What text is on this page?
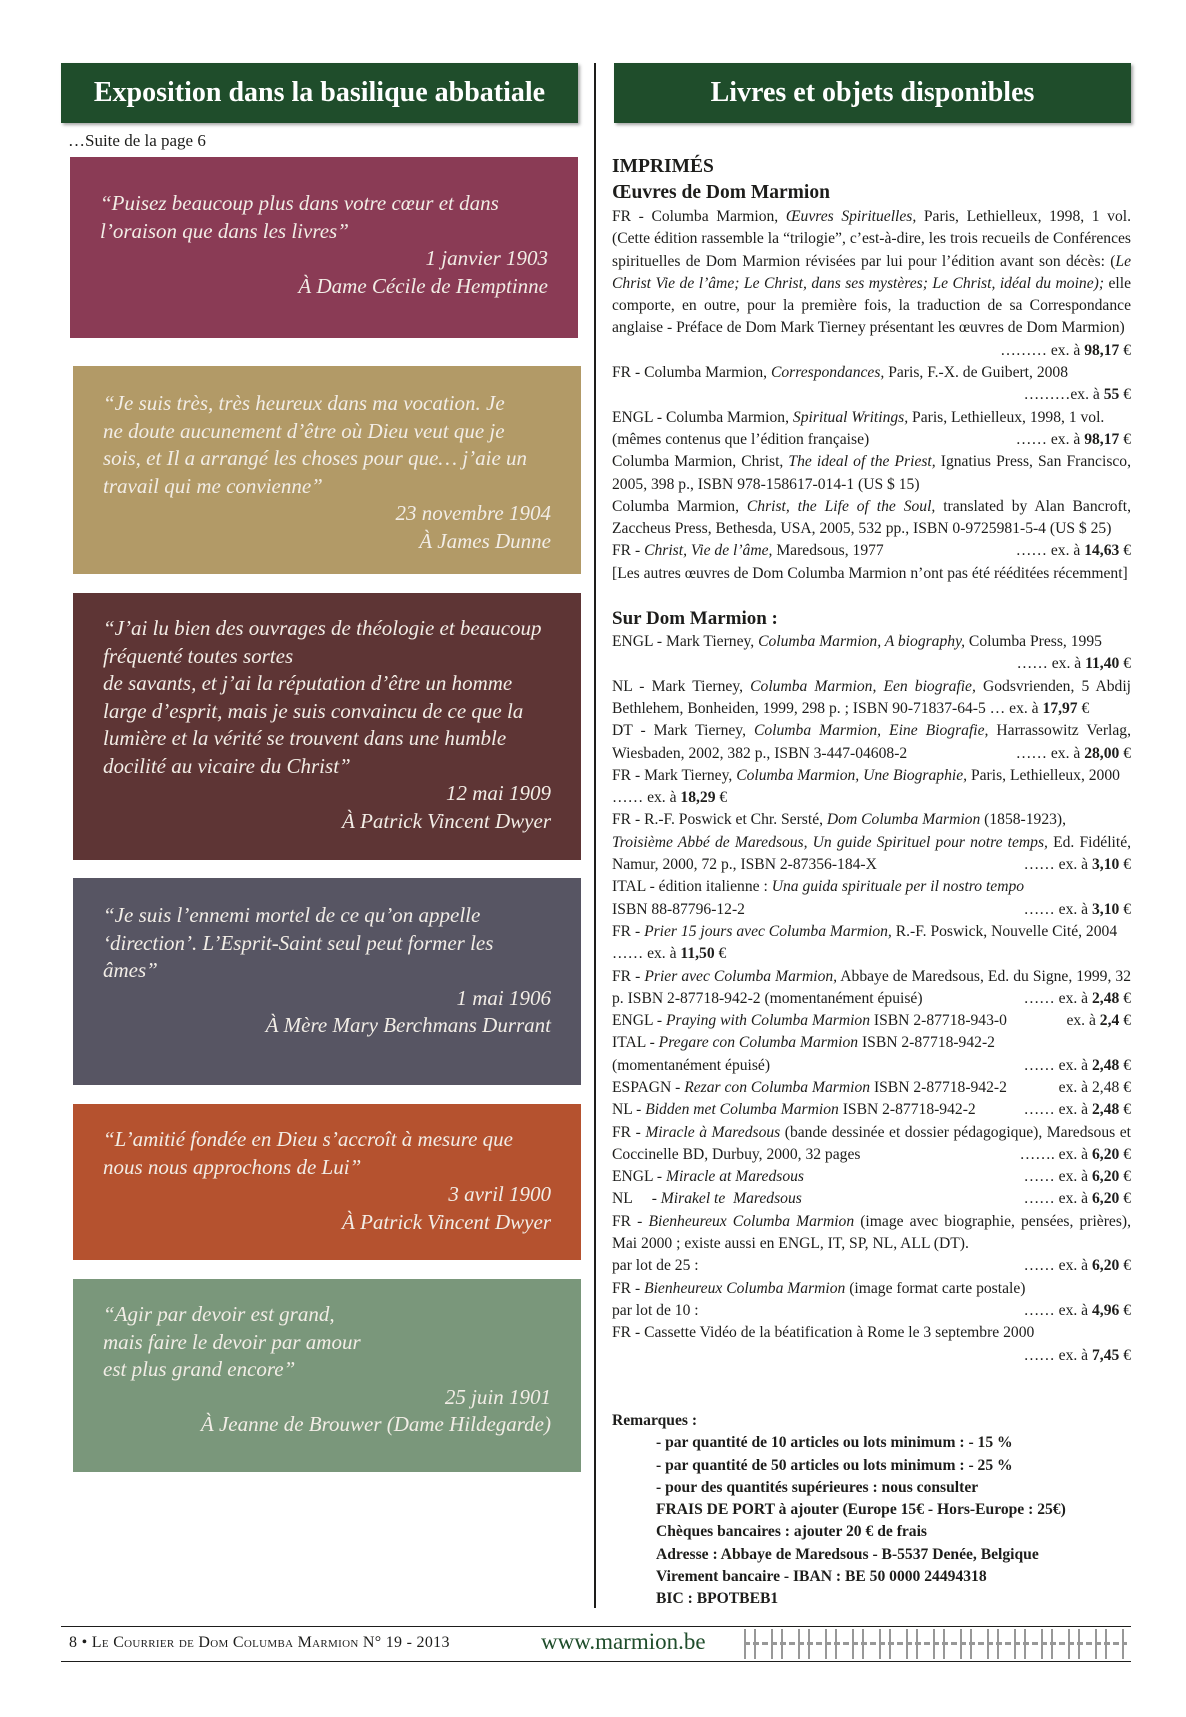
Exposition dans la basilique abbatiale	Livres et objets disponibles
…Suite de la page 6
“Puisez beaucoup plus dans votre cœur et dans
l’oraison que dans les livres”
1 janvier 1903
À Dame Cécile de Hemptinne
“Je suis très, très heureux dans ma vocation. Je
ne doute aucunement d’être où Dieu veut que je
sois, et Il a arrangé les choses pour que… j’aie un
travail qui me convienne”
23 novembre 1904
À James Dunne
“J’ai lu bien des ouvrages de théologie et beaucoup
fréquenté toutes sortes
de savants, et j’ai la réputation d’être un homme
large d’esprit, mais je suis convaincu de ce que la
lumière et la vérité se trouvent dans une humble
docilité au vicaire du Christ”
12 mai 1909
À Patrick Vincent Dwyer
“Je suis l’ennemi mortel de ce qu’on appelle
‘direction’. L’Esprit-Saint seul peut former les
âmes”
1 mai 1906
À Mère Mary Berchmans Durrant
“L’amitié fondée en Dieu s’accroît à mesure que
nous nous approchons de Lui”
3 avril 1900
À Patrick Vincent Dwyer
“Agir par devoir est grand,
mais faire le devoir par amour
est plus grand encore”
25 juin 1901
À Jeanne de Brouwer (Dame Hildegarde)

IMPRIMÉS

Œuvres de Dom Marmion

FR - Columba Marmion, Œuvres Spirituelles, Paris, Lethielleux, 1998, 1 vol. (Cette édition rassemble la “trilogie”, c’est-à-dire, les trois recueils de Conférences spirituelles de Dom Marmion révisées par lui pour l’édition avant son décès: (Le Christ Vie de l’âme; Le Christ, dans ses mystères; Le Christ, idéal du moine); elle comporte, en outre, pour la première fois, la traduction de sa Correspondance anglaise - Préface de Dom Mark Tierney présentant les œuvres de Dom Marmion)

……… ex. à 98,17 €

FR - Columba Marmion, Correspondances, Paris, F.-X. de Guibert, 2008

………ex. à 55 €

ENGL - Columba Marmion, Spiritual Writings, Paris, Lethielleux, 1998, 1 vol.

(mêmes contenus que l’édition française)	…… ex. à 98,17 €

Columba Marmion, Christ, The ideal of the Priest, Ignatius Press, San Francisco, 2005, 398 p., ISBN 978-158617-014-1 (US $ 15)

Columba Marmion, Christ, the Life of the Soul, translated by Alan Bancroft, Zaccheus Press, Bethesda, USA, 2005, 532 pp., ISBN 0-9725981-5-4 (US $ 25)

FR - Christ, Vie de l’âme, Maredsous, 1977	…… ex. à 14,63 €

[Les autres œuvres de Dom Columba Marmion n’ont pas été rééditées récemment]

Sur Dom Marmion :

ENGL - Mark Tierney, Columba Marmion, A biography, Columba Press, 1995

…… ex. à 11,40 €

NL - Mark Tierney, Columba Marmion, Een biografie, Godsvrienden, 5 Abdij Bethlehem, Bonheiden, 1999, 298 p. ; ISBN 90-71837-64-5 … ex. à 17,97 €

DT - Mark Tierney, Columba Marmion, Eine Biografie, Harrassowitz Verlag, Wiesbaden, 2002, 382 p., ISBN 3-447-04608-2	…… ex. à 28,00 €

FR - Mark Tierney, Columba Marmion, Une Biographie, Paris, Lethielleux, 2000

…… ex. à 18,29 €

FR - R.-F. Poswick et Chr. Sersté, Dom Columba Marmion (1858-1923),

Troisième Abbé de Maredsous, Un guide Spirituel pour notre temps, Ed. Fidélité, Namur, 2000, 72 p., ISBN 2-87356-184-X	…… ex. à 3,10 €

ITAL - édition italienne : Una guida spirituale per il nostro tempo

ISBN 88-87796-12-2	…… ex. à 3,10 €

FR - Prier 15 jours avec Columba Marmion, R.-F. Poswick, Nouvelle Cité, 2004

…… ex. à 11,50 €

FR - Prier avec Columba Marmion, Abbaye de Maredsous, Ed. du Signe, 1999, 32 p. ISBN 2-87718-942-2 (momentanément épuisé)	…… ex. à 2,48 €

ENGL - Praying with Columba Marmion ISBN 2-87718-943-0	ex. à 2,4 €

ITAL - Pregare con Columba Marmion ISBN 2-87718-942-2

(momentanément épuisé)	…… ex. à 2,48 €
ESPAGN - Rezar con Columba Marmion ISBN 2-87718-942-2	ex. à 2,48 €
NL - Bidden met Columba Marmion ISBN 2-87718-942-2	…… ex. à 2,48 €

FR - Miracle à Maredsous (bande dessinée et dossier pédagogique), Maredsous et Coccinelle BD, Durbuy, 2000, 32 pages	……. ex. à 6,20 €

ENGL - Miracle at Maredsous	…… ex. à 6,20 €
NL     - Mirakel te  Maredsous	…… ex. à 6,20 €

FR - Bienheureux Columba Marmion (image avec biographie, pensées, prières), Mai 2000 ; existe aussi en ENGL, IT, SP, NL, ALL (DT).

par lot de 25 :	…… ex. à 6,20 €

FR - Bienheureux Columba Marmion (image format carte postale)

par lot de 10 :	…… ex. à 4,96 €

FR - Cassette Vidéo de la béatification à Rome le 3 septembre 2000

…… ex. à 7,45 €

Remarques :
- par quantité de 10 articles ou lots minimum : - 15 %
- par quantité de 50 articles ou lots minimum : - 25 %
- pour des quantités supérieures : nous consulter
FRAIS DE PORT à ajouter (Europe 15€ - Hors-Europe : 25€)
Chèques bancaires : ajouter 20 € de frais
Adresse : Abbaye de Maredsous - B-5537 Denée, Belgique
Virement bancaire - IBAN : BE 50 0000 24494318
BIC : BPOTBEB1
8 • Le Courrier de Dom Columba Marmion N° 19 - 2013	www.marmion.be
